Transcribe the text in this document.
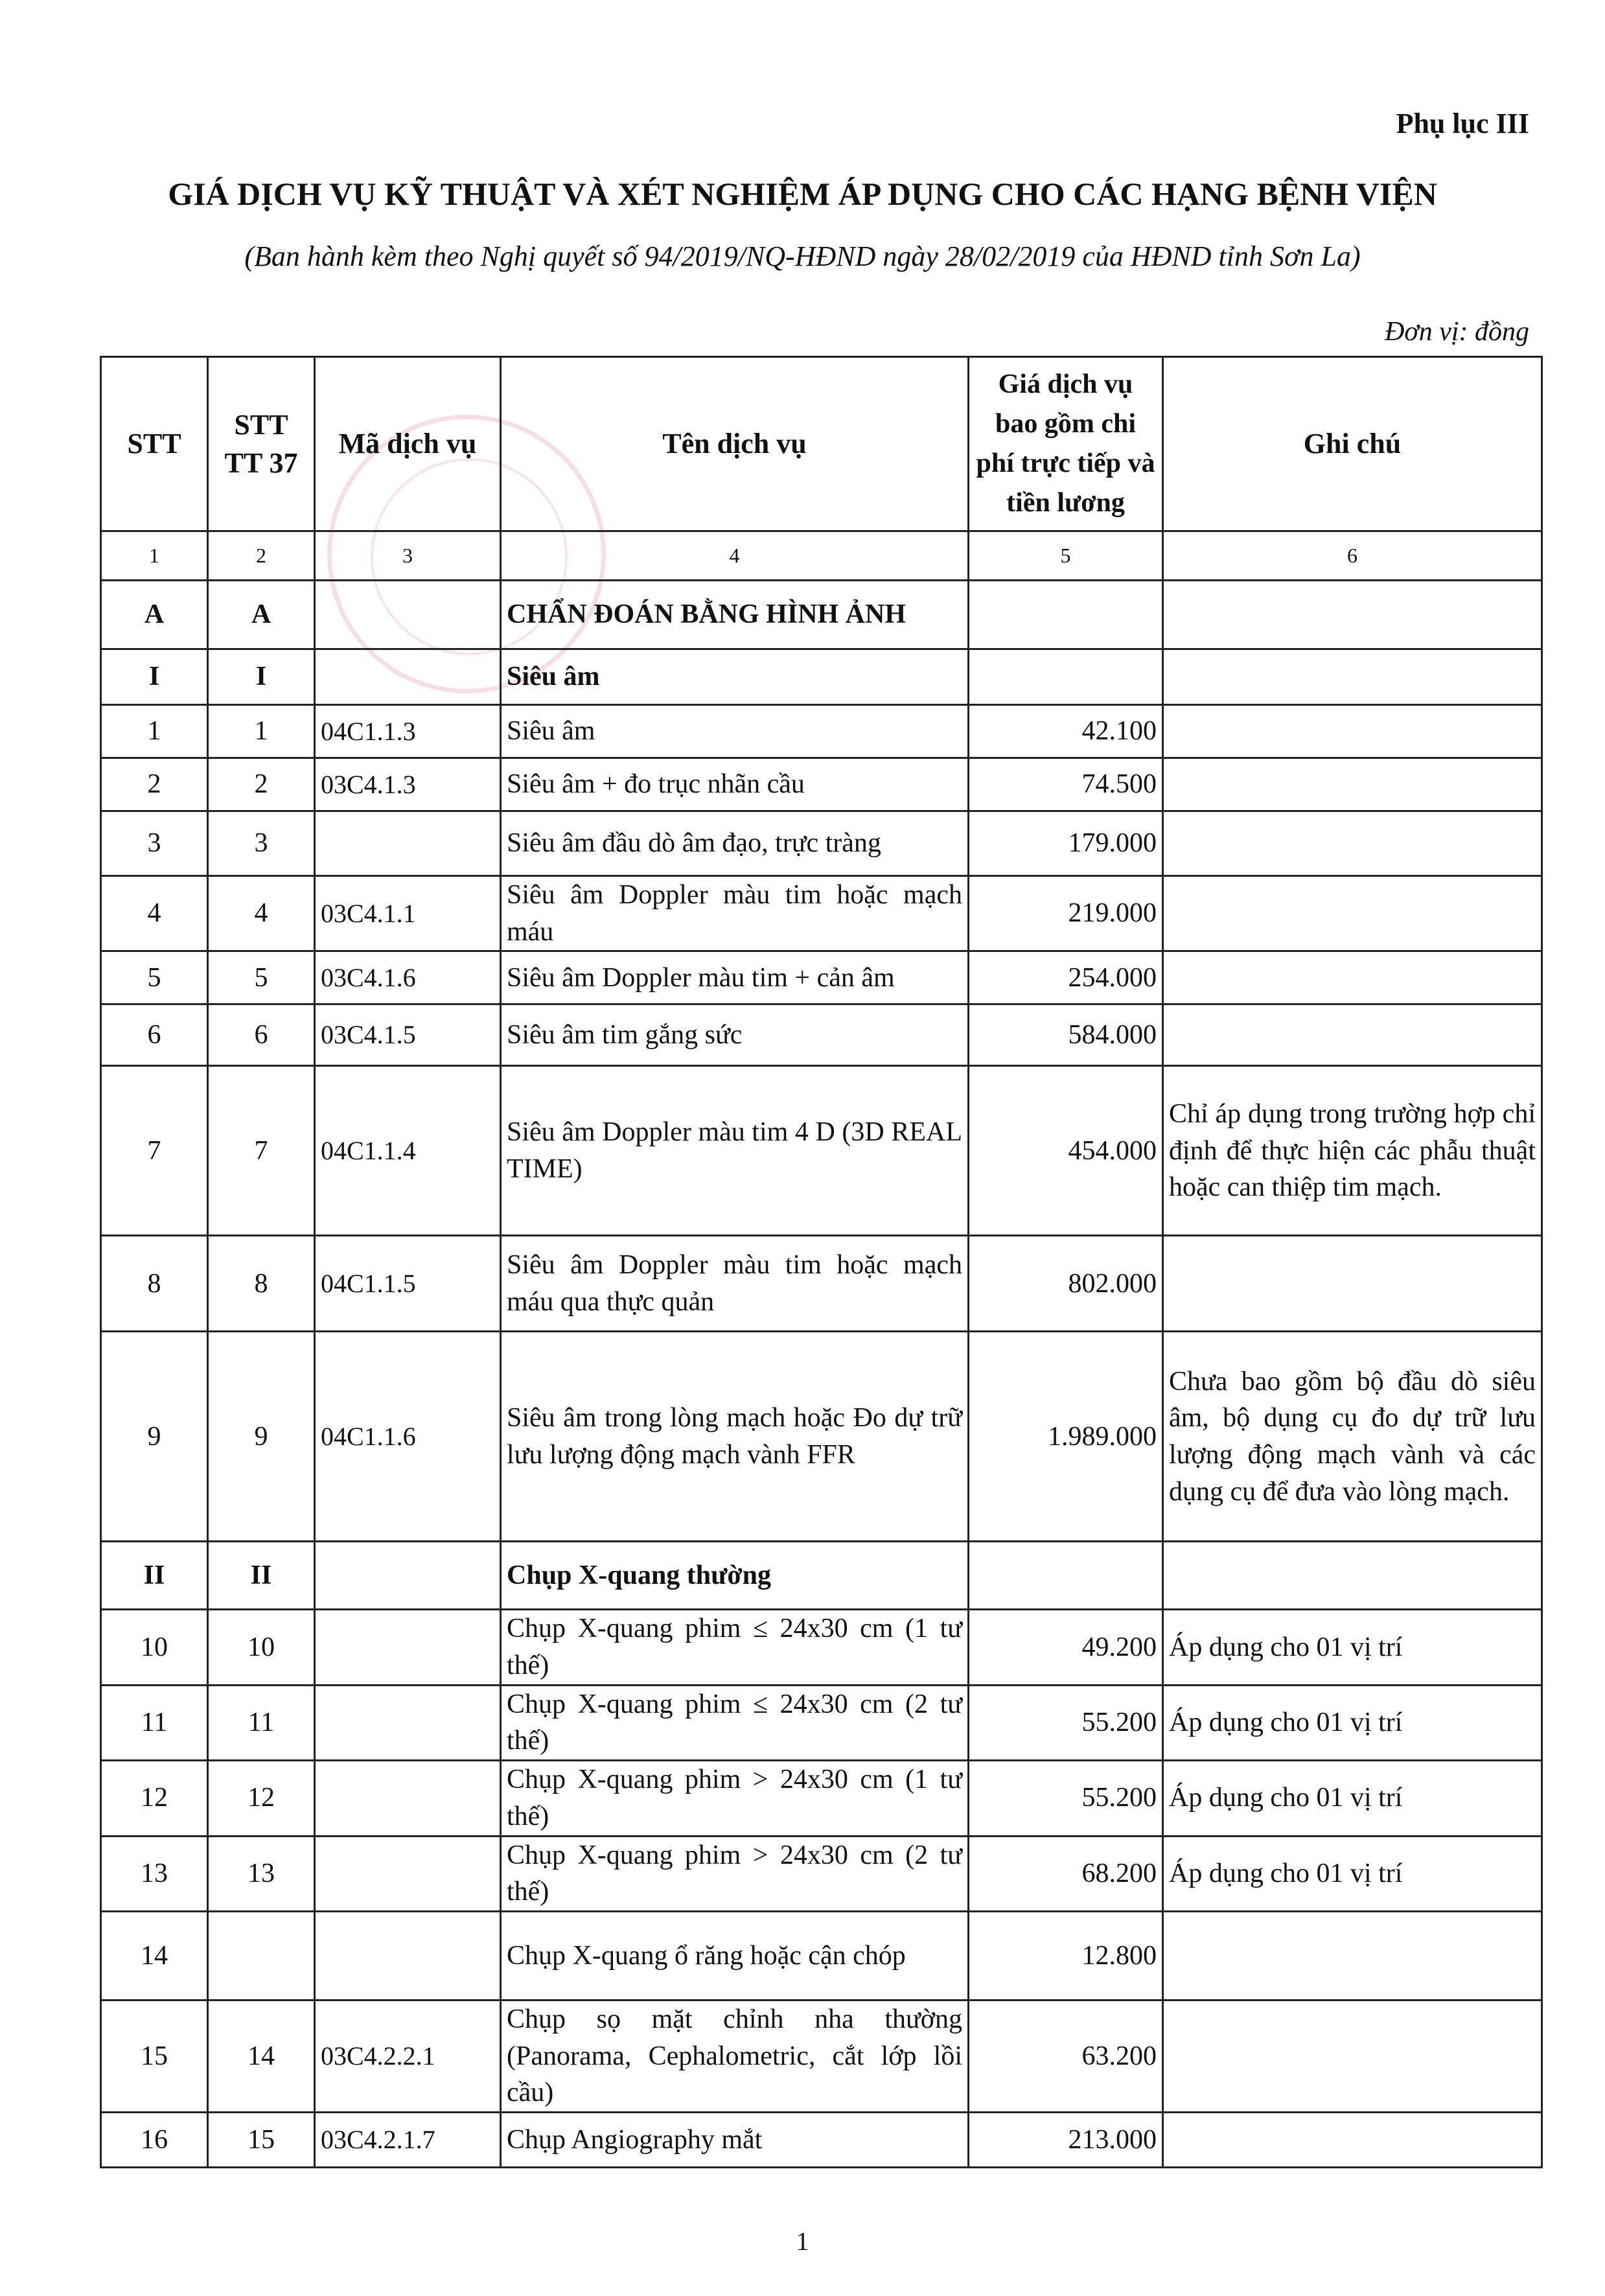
Phụ lục III
GIÁ DỊCH VỤ KỸ THUẬT VÀ XÉT NGHIỆM ÁP DỤNG CHO CÁC HẠNG BỆNH VIỆN
(Ban hành kèm theo Nghị quyết số 94/2019/NQ-HĐND ngày 28/02/2019 của HĐND tỉnh Sơn La)
Đơn vị: đồng
STT	STT TT 37	Mã dịch vụ	Tên dịch vụ	Giá dịch vụ bao gồm chi phí trực tiếp và tiền lương	Ghi chú
1	2	3	4	5	6
A	A		CHẨN ĐOÁN BẰNG HÌNH ẢNH		
I	I		Siêu âm		
1	1	04C1.1.3	Siêu âm	42.100	
2	2	03C4.1.3	Siêu âm + đo trục nhãn cầu	74.500	
3	3		Siêu âm đầu dò âm đạo, trực tràng	179.000	
4	4	03C4.1.1	Siêu âm Doppler màu tim hoặc mạch máu	219.000	
5	5	03C4.1.6	Siêu âm Doppler màu tim + cản âm	254.000	
6	6	03C4.1.5	Siêu âm tim gắng sức	584.000	
7	7	04C1.1.4	Siêu âm Doppler màu tim 4 D (3D REAL TIME)	454.000	Chỉ áp dụng trong trường hợp chỉ định để thực hiện các phẫu thuật hoặc can thiệp tim mạch.
8	8	04C1.1.5	Siêu âm Doppler màu tim hoặc mạch máu qua thực quản	802.000	
9	9	04C1.1.6	Siêu âm trong lòng mạch hoặc Đo dự trữ lưu lượng động mạch vành FFR	1.989.000	Chưa bao gồm bộ đầu dò siêu âm, bộ dụng cụ đo dự trữ lưu lượng động mạch vành và các dụng cụ để đưa vào lòng mạch.
II	II		Chụp X-quang thường		
10	10		Chụp X-quang phim ≤ 24x30 cm (1 tư thế)	49.200	Áp dụng cho 01 vị trí
11	11		Chụp X-quang phim ≤ 24x30 cm (2 tư thế)	55.200	Áp dụng cho 01 vị trí
12	12		Chụp X-quang phim > 24x30 cm (1 tư thế)	55.200	Áp dụng cho 01 vị trí
13	13		Chụp X-quang phim > 24x30 cm (2 tư thế)	68.200	Áp dụng cho 01 vị trí
14			Chụp X-quang ổ răng hoặc cận chóp	12.800	
15	14	03C4.2.2.1	Chụp sọ mặt chỉnh nha thường (Panorama, Cephalometric, cắt lớp lồi cầu)	63.200	
16	15	03C4.2.1.7	Chụp Angiography mắt	213.000	
1
